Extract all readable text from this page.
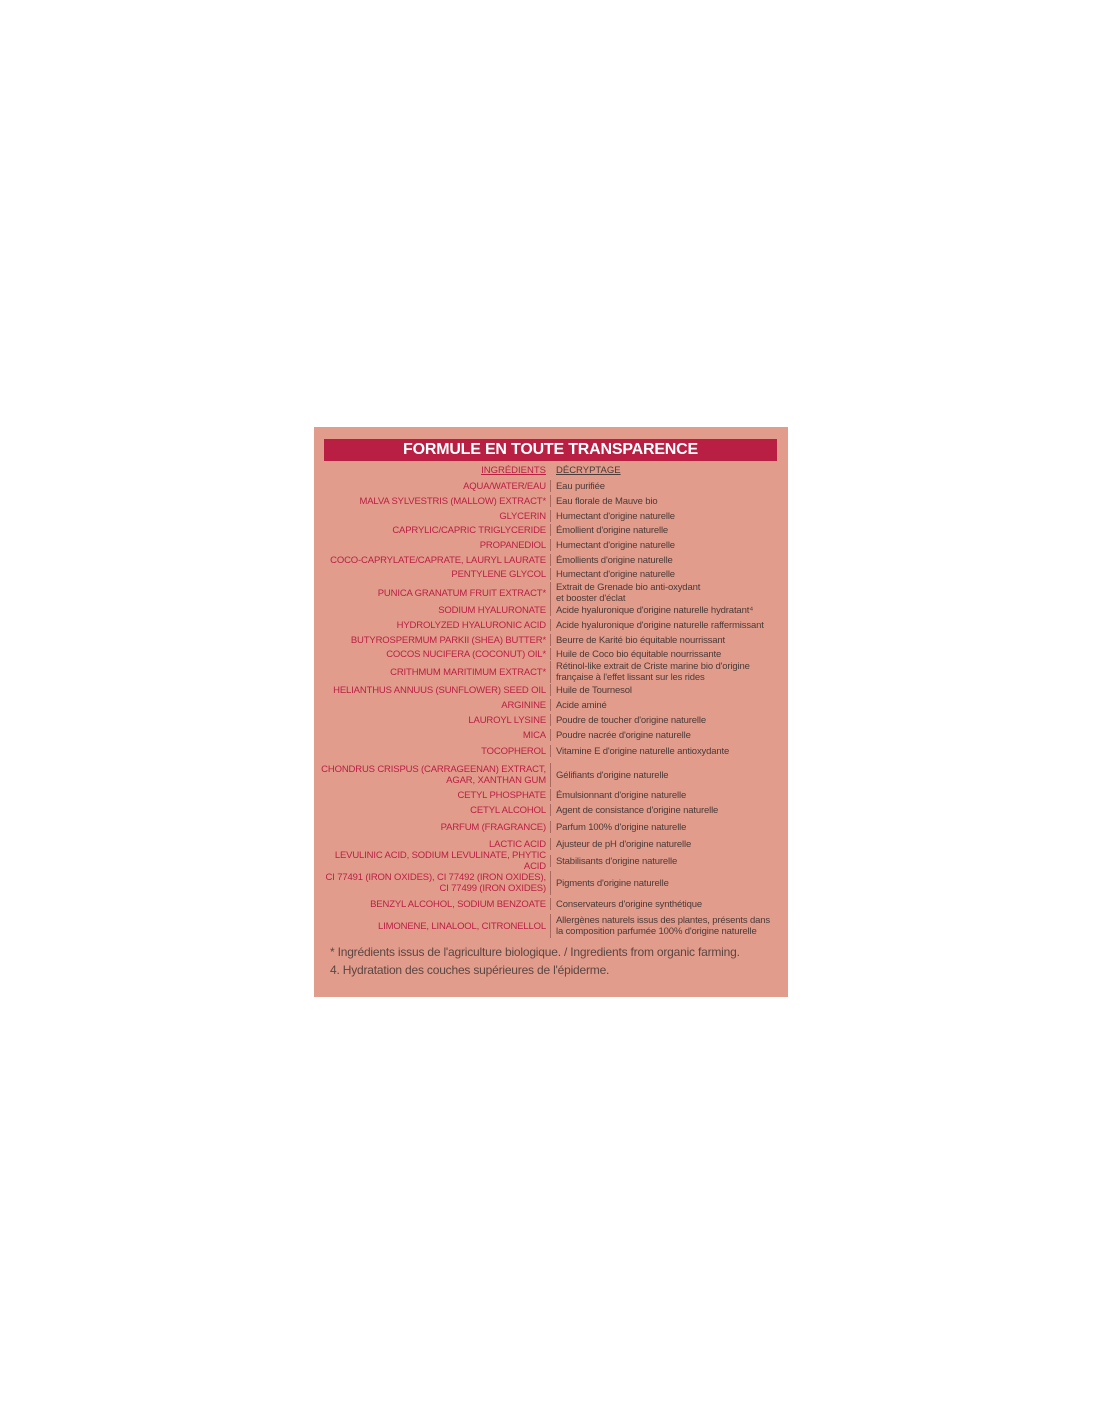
FORMULE EN TOUTE TRANSPARENCE
INGRÉDIENTS DÉCRYPTAGE
AQUA/WATER/EAU Eau purifiée
MALVA SYLVESTRIS (MALLOW) EXTRACT* Eau florale de Mauve bio
GLYCERIN Humectant d'origine naturelle
CAPRYLIC/CAPRIC TRIGLYCERIDE Émollient d'origine naturelle
PROPANEDIOL Humectant d'origine naturelle
COCO-CAPRYLATE/CAPRATE, LAURYL LAURATE Émollients d'origine naturelle
PENTYLENE GLYCOL Humectant d'origine naturelle
PUNICA GRANATUM FRUIT EXTRACT* Extrait de Grenade bio anti-oxydant
et booster d'éclat
SODIUM HYALURONATE Acide hyaluronique d'origine naturelle hydratant⁴
HYDROLYZED HYALURONIC ACID Acide hyaluronique d'origine naturelle raffermissant
BUTYROSPERMUM PARKII (SHEA) BUTTER* Beurre de Karité bio équitable nourrissant
COCOS NUCIFERA (COCONUT) OIL* Huile de Coco bio équitable nourrissante
CRITHMUM MARITIMUM EXTRACT* Rétinol-like extrait de Criste marine bio d'origine
française à l'effet lissant sur les rides
HELIANTHUS ANNUUS (SUNFLOWER) SEED OIL Huile de Tournesol
ARGININE Acide aminé
LAUROYL LYSINE Poudre de toucher d'origine naturelle
MICA Poudre nacrée d'origine naturelle
TOCOPHEROL Vitamine E d'origine naturelle antioxydante
CHONDRUS CRISPUS (CARRAGEENAN) EXTRACT,
AGAR, XANTHAN GUM Gélifiants d'origine naturelle
CETYL PHOSPHATE Émulsionnant d'origine naturelle
CETYL ALCOHOL Agent de consistance d'origine naturelle
PARFUM (FRAGRANCE) Parfum 100% d'origine naturelle
LACTIC ACID Ajusteur de pH d'origine naturelle
LEVULINIC ACID, SODIUM LEVULINATE, PHYTIC ACID Stabilisants d'origine naturelle
CI 77491 (IRON OXIDES), CI 77492 (IRON OXIDES),
CI 77499 (IRON OXIDES) Pigments d'origine naturelle
BENZYL ALCOHOL, SODIUM BENZOATE Conservateurs d'origine synthétique
LIMONENE, LINALOOL, CITRONELLOL Allergènes naturels issus des plantes, présents dans
la composition parfumée 100% d'origine naturelle
* Ingrédients issus de l'agriculture biologique. / Ingredients from organic farming.
4. Hydratation des couches supérieures de l'épiderme.
